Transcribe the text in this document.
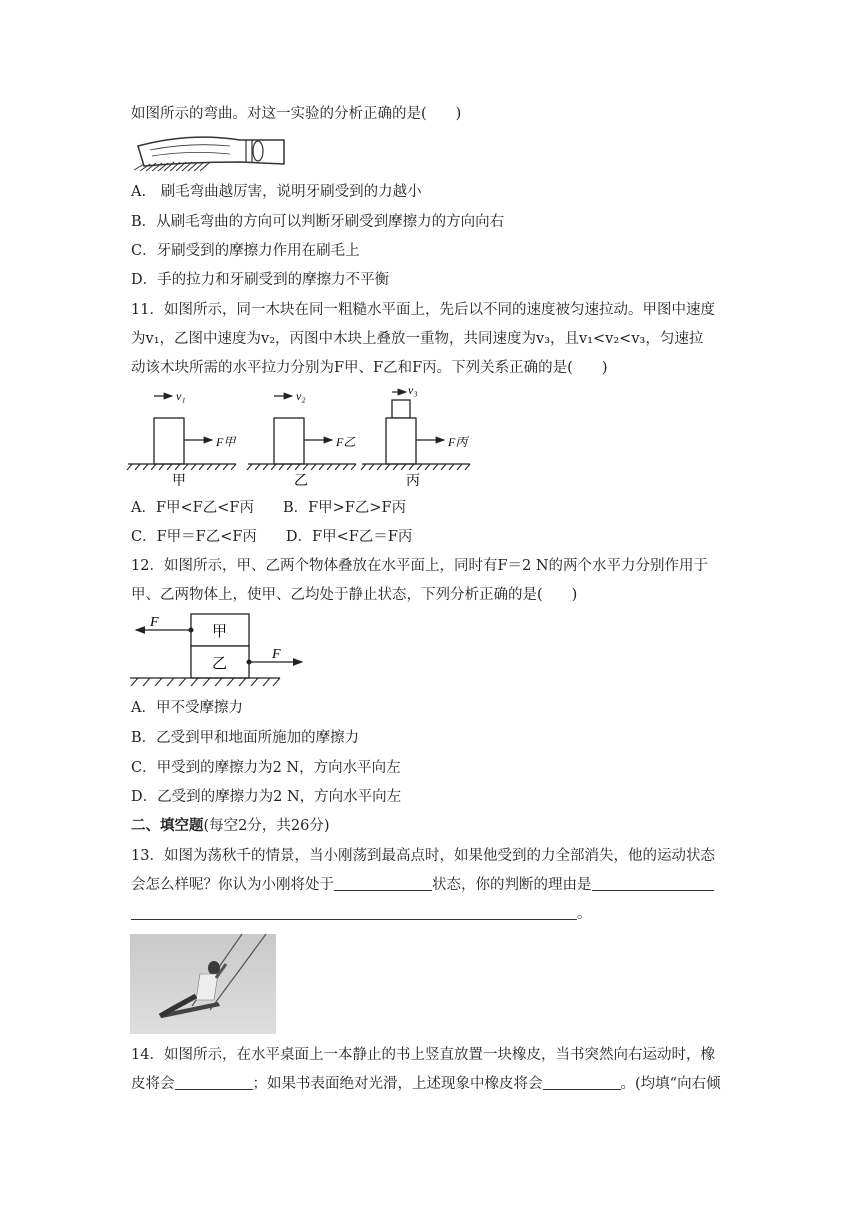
如图所示的弯曲。对这一实验的分析正确的是(　　)
A.　刷毛弯曲越厉害，说明牙刷受到的力越小
B．从刷毛弯曲的方向可以判断牙刷受到摩擦力的方向向右
C．牙刷受到的摩擦力作用在刷毛上
D．手的拉力和牙刷受到的摩擦力不平衡
11．如图所示，同一木块在同一粗糙水平面上，先后以不同的速度被匀速拉动。甲图中速度
为v₁，乙图中速度为v₂，丙图中木块上叠放一重物，共同速度为v₃，且v₁<v₂<v₃，匀速拉
动该木块所需的水平拉力分别为F甲、F乙和F丙。下列关系正确的是(　　)
v₁
F甲
甲
v₂
F乙
乙
v₃
F丙
丙
A．F甲<F乙<F丙　　B．F甲>F乙>F丙
C．F甲＝F乙<F丙　　D．F甲<F乙＝F丙
12．如图所示，甲、乙两个物体叠放在水平面上，同时有F＝2 N的两个水平力分别作用于
甲、乙两物体上，使甲、乙均处于静止状态，下列分析正确的是(　　)
甲
乙
F
F
A．甲不受摩擦力
B．乙受到甲和地面所施加的摩擦力
C．甲受到的摩擦力为2 N，方向水平向左
D．乙受到的摩擦力为2 N，方向水平向左
二、填空题(每空2分，共26分)
13．如图为荡秋千的情景，当小刚荡到最高点时，如果他受到的力全部消失，他的运动状态
会怎么样呢？你认为小刚将处于	状态，你的判断的理由是
。
14．如图所示，在水平桌面上一本静止的书上竖直放置一块橡皮，当书突然向右运动时，橡
皮将会	；如果书表面绝对光滑，上述现象中橡皮将会	。(均填“向右倾
